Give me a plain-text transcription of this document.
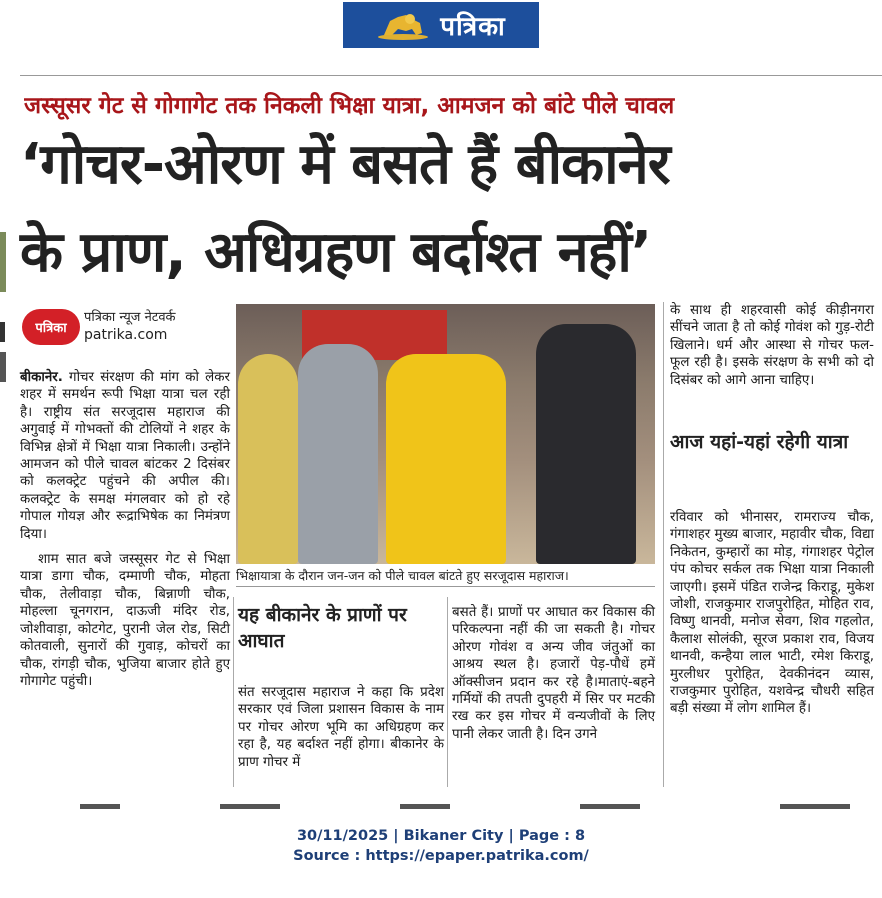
पत्रिका
जस्सूसर गेट से गोगागेट तक निकली भिक्षा यात्रा, आमजन को बांटे पीले चावल
‘गोचर-ओरण में बसते हैं बीकानेर
के प्राण, अधिग्रहण बर्दाश्त नहीं’
पत्रिका
पत्रिका न्यूज नेटवर्क
patrika.com

बीकानेर. गोचर संरक्षण की मांग को लेकर शहर में समर्थन रूपी भिक्षा यात्रा चल रही है। राष्ट्रीय संत सरजूदास महाराज की अगुवाई में गोभक्तों की टोलियों ने शहर के विभिन्न क्षेत्रों में भिक्षा यात्रा निकाली। उन्होंने आमजन को पीले चावल बांटकर 2 दिसंबर को कलक्ट्रेट पहुंचने की अपील की। कलक्ट्रेट के समक्ष मंगलवार को हो रहे गोपाल गोयज्ञ और रूद्राभिषेक का निमंत्रण दिया।

शाम सात बजे जस्सूसर गेट से भिक्षा यात्रा डागा चौक, दम्माणी चौक, मोहता चौक, तेलीवाड़ा चौक, बिन्नाणी चौक, मोहल्ला चूनगरान, दाऊजी मंदिर रोड, जोशीवाड़ा, कोटगेट, पुरानी जेल रोड, सिटी कोतवाली, सुनारों की गुवाड़, कोचरों का चौक, रांगड़ी चौक, भुजिया बाजार होते हुए गोगागेट पहुंची।

भिक्षायात्रा के दौरान जन-जन को पीले चावल बांटते हुए सरजूदास महाराज।
यह बीकानेर के प्राणों पर आघात
संत सरजूदास महाराज ने कहा कि प्रदेश सरकार एवं जिला प्रशासन विकास के नाम पर गोचर ओरण भूमि का अधिग्रहण कर रहा है, यह बर्दाश्त नहीं होगा। बीकानेर के प्राण गोचर में
बसते हैं। प्राणों पर आघात कर विकास की परिकल्पना नहीं की जा सकती है। गोचर ओरण गोवंश व अन्य जीव जंतुओं का आश्रय स्थल है। हजारों पेड़-पौधें हमें ऑक्सीजन प्रदान कर रहे है।माताएं-बहने गर्मियों की तपती दुपहरी में सिर पर मटकी रख कर इस गोचर में वन्यजीवों के लिए पानी लेकर जाती है। दिन उगने
के साथ ही शहरवासी कोई कीड़ीनगरा सींचने जाता है तो कोई गोवंश को गुड़-रोटी खिलाने। धर्म और आस्था से गोचर फल-फूल रही है। इसके संरक्षण के सभी को दो दिसंबर को आगे आना चाहिए।
आज यहां-यहां रहेगी यात्रा
रविवार को भीनासर, रामराज्य चौक, गंगाशहर मुख्य बाजार, महावीर चौक, विद्या निकेतन, कुम्हारों का मोड़, गंगाशहर पेट्रोल पंप कोचर सर्कल तक भिक्षा यात्रा निकाली जाएगी। इसमें पंडित राजेन्द्र किराडू, मुकेश जोशी, राजकुमार राजपुरोहित, मोहित राव, विष्णु थानवी, मनोज सेवग, शिव गहलोत, कैलाश सोलंकी, सूरज प्रकाश राव, विजय थानवी, कन्हैया लाल भाटी, रमेश किराडू, मुरलीधर पुरोहित, देवकीनंदन व्यास, राजकुमार पुरोहित, यशवेन्द्र चौधरी सहित बड़ी संख्या में लोग शामिल हैं।
30/11/2025 | Bikaner City | Page : 8
Source : https://epaper.patrika.com/
